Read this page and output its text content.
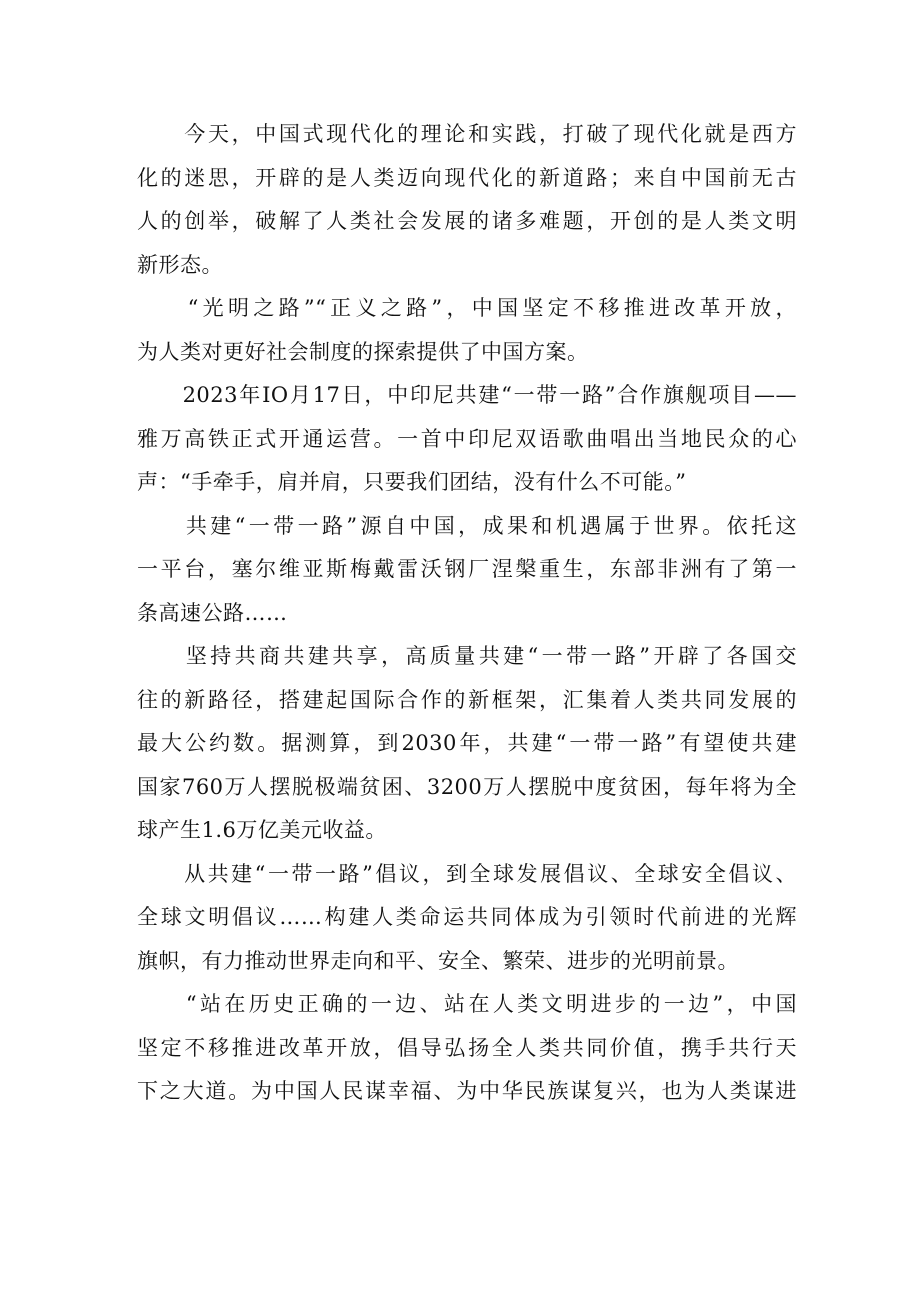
　　今天，中国式现代化的理论和实践，打破了现代化就是西方
化的迷思，开辟的是人类迈向现代化的新道路；来自中国前无古
人的创举，破解了人类社会发展的诸多难题，开创的是人类文明
新形态。
　　“光明之路”“正义之路”，中国坚定不移推进改革开放，
为人类对更好社会制度的探索提供了中国方案。
　　2023年IO月17日，中印尼共建“一带一路”合作旗舰项目——
雅万高铁正式开通运营。一首中印尼双语歌曲唱出当地民众的心
声：“手牵手，肩并肩，只要我们团结，没有什么不可能。”
　　共建“一带一路”源自中国，成果和机遇属于世界。依托这
一平台，塞尔维亚斯梅戴雷沃钢厂涅槃重生，东部非洲有了第一
条高速公路……
　　坚持共商共建共享，高质量共建“一带一路”开辟了各国交
往的新路径，搭建起国际合作的新框架，汇集着人类共同发展的
最大公约数。据测算，到2030年，共建“一带一路”有望使共建
国家760万人摆脱极端贫困、3200万人摆脱中度贫困，每年将为全
球产生1.6万亿美元收益。
　　从共建“一带一路”倡议，到全球发展倡议、全球安全倡议、
全球文明倡议……构建人类命运共同体成为引领时代前进的光辉
旗帜，有力推动世界走向和平、安全、繁荣、进步的光明前景。
　　“站在历史正确的一边、站在人类文明进步的一边”，中国
坚定不移推进改革开放，倡导弘扬全人类共同价值，携手共行天
下之大道。为中国人民谋幸福、为中华民族谋复兴，也为人类谋进
